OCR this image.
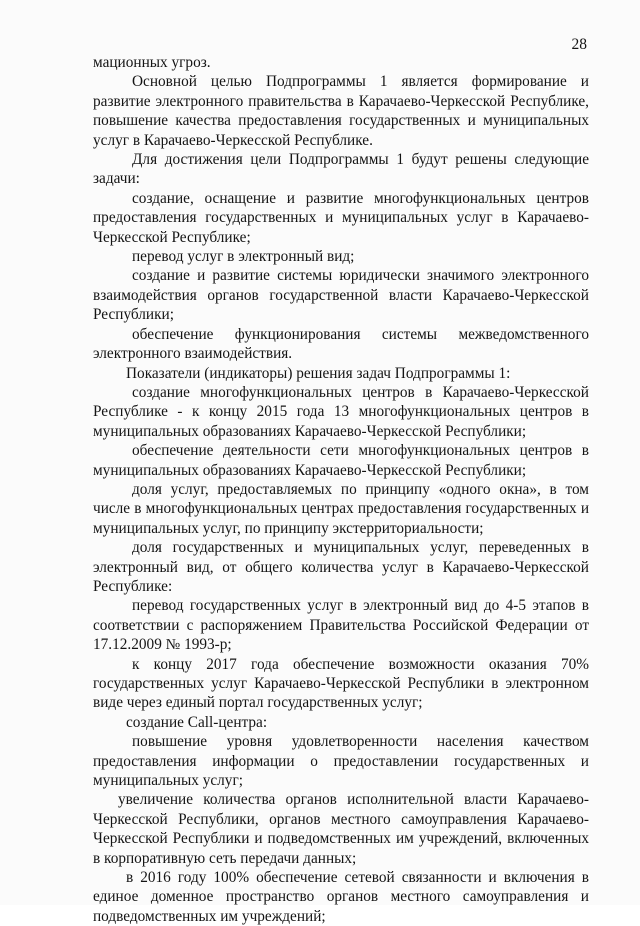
28

мационных угроз.

Основной целью Подпрограммы 1 является формирование и развитие электронного правительства в Карачаево-Черкесской Республике, повышение качества предоставления государственных и муниципальных услуг в Карачаево-Черкесской Республике.

Для достижения цели Подпрограммы 1 будут решены следующие задачи:

создание, оснащение и развитие многофункциональных центров предоставления государственных и муниципальных услуг в Карачаево-Черкесской Республике;

перевод услуг в электронный вид;

создание и развитие системы юридически значимого электронного взаимодействия органов государственной власти Карачаево-Черкесской Республики;

обеспечение функционирования системы межведомственного электронного взаимодействия.

Показатели (индикаторы) решения задач Подпрограммы 1:

создание многофункциональных центров в Карачаево-Черкесской Республике - к концу 2015 года 13 многофункциональных центров в муниципальных образованиях Карачаево-Черкесской Республики;

обеспечение деятельности сети многофункциональных центров в муниципальных образованиях Карачаево-Черкесской Республики;

доля услуг, предоставляемых по принципу «одного окна», в том числе в многофункциональных центрах предоставления государственных и муниципальных услуг, по принципу экстерриториальности;

доля государственных и муниципальных услуг, переведенных в электронный вид, от общего количества услуг в Карачаево-Черкесской Республике:

перевод государственных услуг в электронный вид до 4-5 этапов в соответствии с распоряжением Правительства Российской Федерации от 17.12.2009 № 1993-р;

к концу 2017 года обеспечение возможности оказания 70% государственных услуг Карачаево-Черкесской Республики в электронном виде через единый портал государственных услуг;

создание Call-центра:

повышение уровня удовлетворенности населения качеством предоставления информации о предоставлении государственных и муниципальных услуг;

увеличение количества органов исполнительной власти Карачаево-Черкесской Республики, органов местного самоуправления Карачаево-Черкесской Республики и подведомственных им учреждений, включенных в корпоративную сеть передачи данных;

в 2016 году 100% обеспечение сетевой связанности и включения в единое доменное пространство органов местного самоуправления и подведомственных им учреждений;
